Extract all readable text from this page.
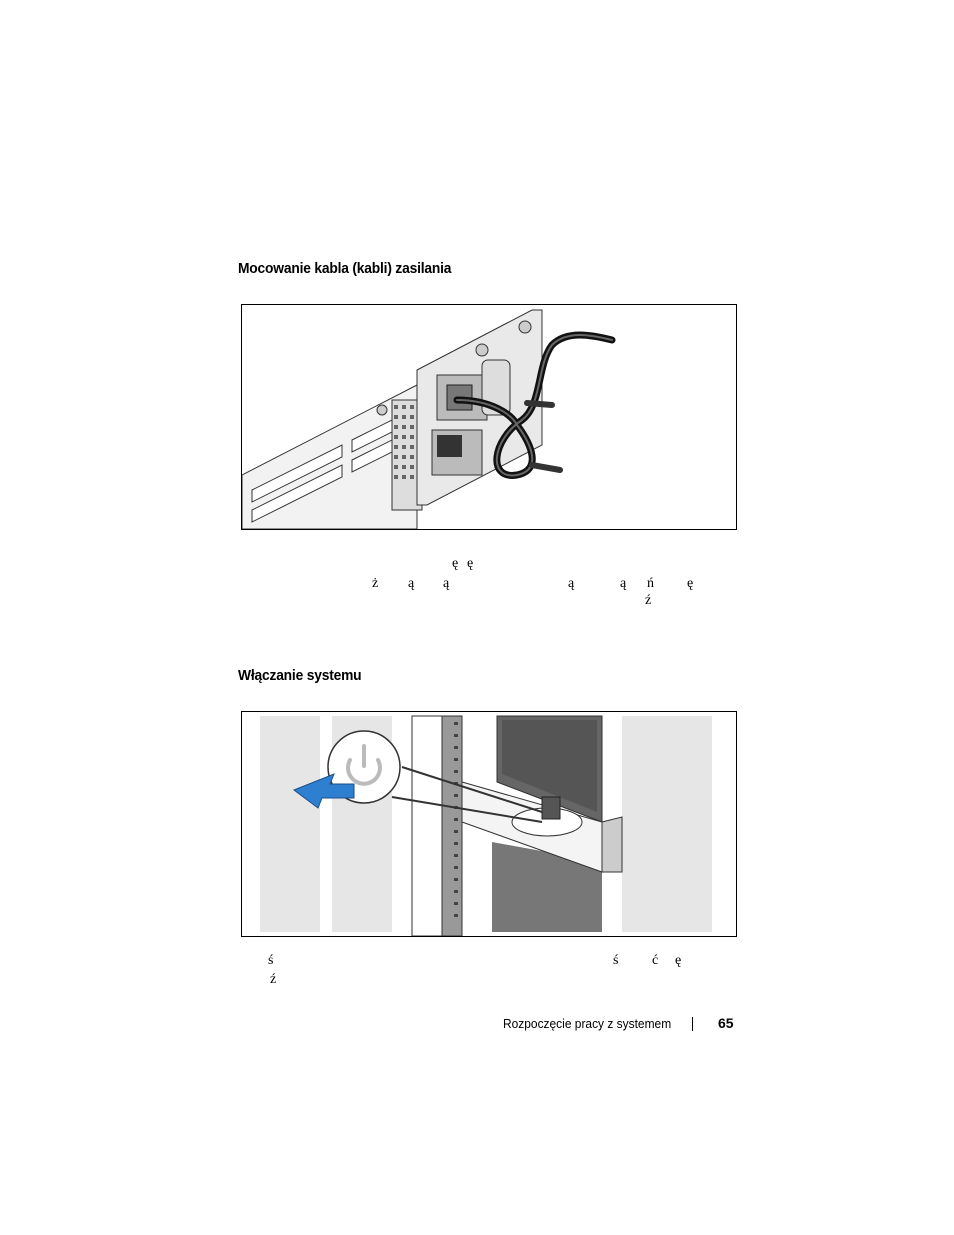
Mocowanie kabla (kabli) zasilania
ę ę
ż ą ą	ą	ą ń ę
ź
Włączanie systemu
ś	ś ć ę
ź
Rozpoczęcie pracy z systemem	65
